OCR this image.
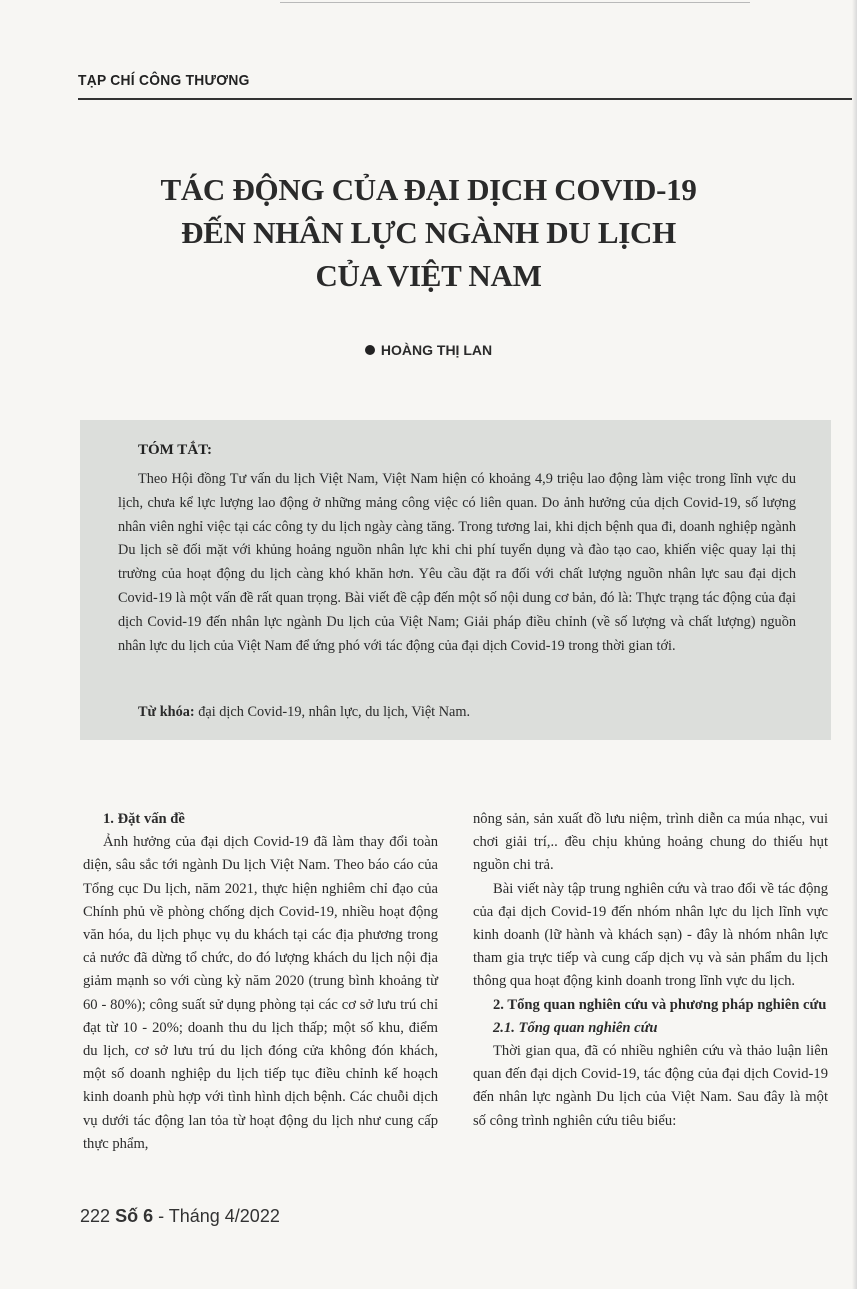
TẠP CHÍ CÔNG THƯƠNG
TÁC ĐỘNG CỦA ĐẠI DỊCH COVID-19
ĐẾN NHÂN LỰC NGÀNH DU LỊCH
CỦA VIỆT NAM
HOÀNG THỊ LAN
TÓM TẮT:

Theo Hội đồng Tư vấn du lịch Việt Nam, Việt Nam hiện có khoảng 4,9 triệu lao động làm việc trong lĩnh vực du lịch, chưa kể lực lượng lao động ở những mảng công việc có liên quan. Do ảnh hưởng của dịch Covid-19, số lượng nhân viên nghỉ việc tại các công ty du lịch ngày càng tăng. Trong tương lai, khi dịch bệnh qua đi, doanh nghiệp ngành Du lịch sẽ đối mặt với khủng hoảng nguồn nhân lực khi chi phí tuyển dụng và đào tạo cao, khiến việc quay lại thị trường của hoạt động du lịch càng khó khăn hơn. Yêu cầu đặt ra đối với chất lượng nguồn nhân lực sau đại dịch Covid-19 là một vấn đề rất quan trọng. Bài viết đề cập đến một số nội dung cơ bản, đó là: Thực trạng tác động của đại dịch Covid-19 đến nhân lực ngành Du lịch của Việt Nam; Giải pháp điều chỉnh (về số lượng và chất lượng) nguồn nhân lực du lịch của Việt Nam để ứng phó với tác động của đại dịch Covid-19 trong thời gian tới.

Từ khóa: đại dịch Covid-19, nhân lực, du lịch, Việt Nam.
1. Đặt vấn đề

Ảnh hưởng của đại dịch Covid-19 đã làm thay đổi toàn diện, sâu sắc tới ngành Du lịch Việt Nam. Theo báo cáo của Tổng cục Du lịch, năm 2021, thực hiện nghiêm chỉ đạo của Chính phủ về phòng chống dịch Covid-19, nhiều hoạt động văn hóa, du lịch phục vụ du khách tại các địa phương trong cả nước đã dừng tổ chức, do đó lượng khách du lịch nội địa giảm mạnh so với cùng kỳ năm 2020 (trung bình khoảng từ 60 - 80%); công suất sử dụng phòng tại các cơ sở lưu trú chỉ đạt từ 10 - 20%; doanh thu du lịch thấp; một số khu, điểm du lịch, cơ sở lưu trú du lịch đóng cửa không đón khách, một số doanh nghiệp du lịch tiếp tục điều chỉnh kế hoạch kinh doanh phù hợp với tình hình dịch bệnh. Các chuỗi dịch vụ dưới tác động lan tỏa từ hoạt động du lịch như cung cấp thực phẩm,

nông sản, sản xuất đồ lưu niệm, trình diễn ca múa nhạc, vui chơi giải trí,.. đều chịu khủng hoảng chung do thiếu hụt nguồn chi trả.

Bài viết này tập trung nghiên cứu và trao đổi về tác động của đại dịch Covid-19 đến nhóm nhân lực du lịch lĩnh vực kinh doanh (lữ hành và khách sạn) - đây là nhóm nhân lực tham gia trực tiếp và cung cấp dịch vụ và sản phẩm du lịch thông qua hoạt động kinh doanh trong lĩnh vực du lịch.

2. Tổng quan nghiên cứu và phương pháp nghiên cứu
2.1. Tổng quan nghiên cứu

Thời gian qua, đã có nhiều nghiên cứu và thảo luận liên quan đến đại dịch Covid-19, tác động của đại dịch Covid-19 đến nhân lực ngành Du lịch của Việt Nam. Sau đây là một số công trình nghiên cứu tiêu biểu:

222 Số 6 - Tháng 4/2022
